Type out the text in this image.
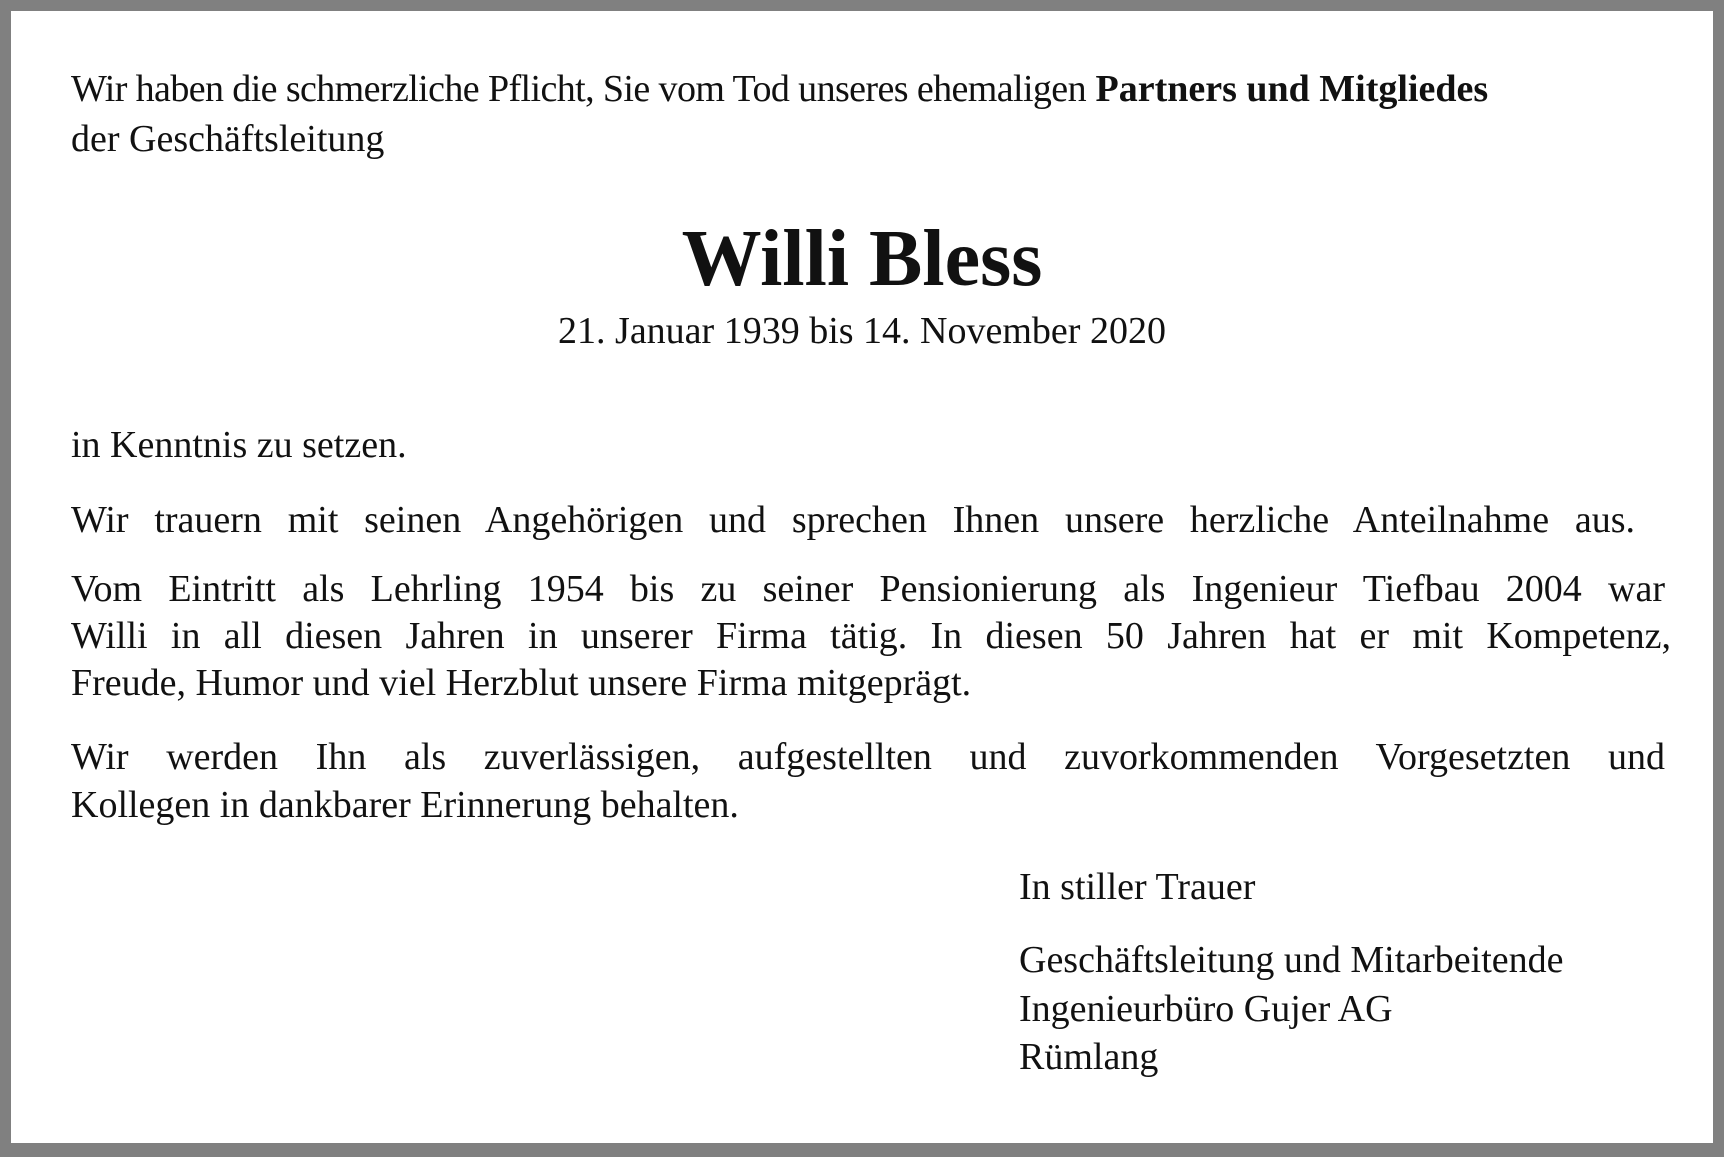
Wir haben die schmerzliche Pflicht, Sie vom Tod unseres ehemaligen Partners und Mitgliedes

der Geschäftsleitung

Willi Bless

21. Januar 1939 bis 14. November 2020

in Kenntnis zu setzen.

Wir trauern mit seinen Angehörigen und sprechen Ihnen unsere herzliche Anteilnahme aus.

Vom Eintritt als Lehrling 1954 bis zu seiner Pensionierung als Ingenieur Tiefbau 2004 war

Willi in all diesen Jahren in unserer Firma tätig. In diesen 50 Jahren hat er mit Kompetenz,

Freude, Humor und viel Herzblut unsere Firma mitgeprägt.

Wir werden Ihn als zuverlässigen, aufgestellten und zuvorkommenden Vorgesetzten und

Kollegen in dankbarer Erinnerung behalten.

In stiller Trauer

Geschäftsleitung und Mitarbeitende

Ingenieurbüro Gujer AG

Rümlang
